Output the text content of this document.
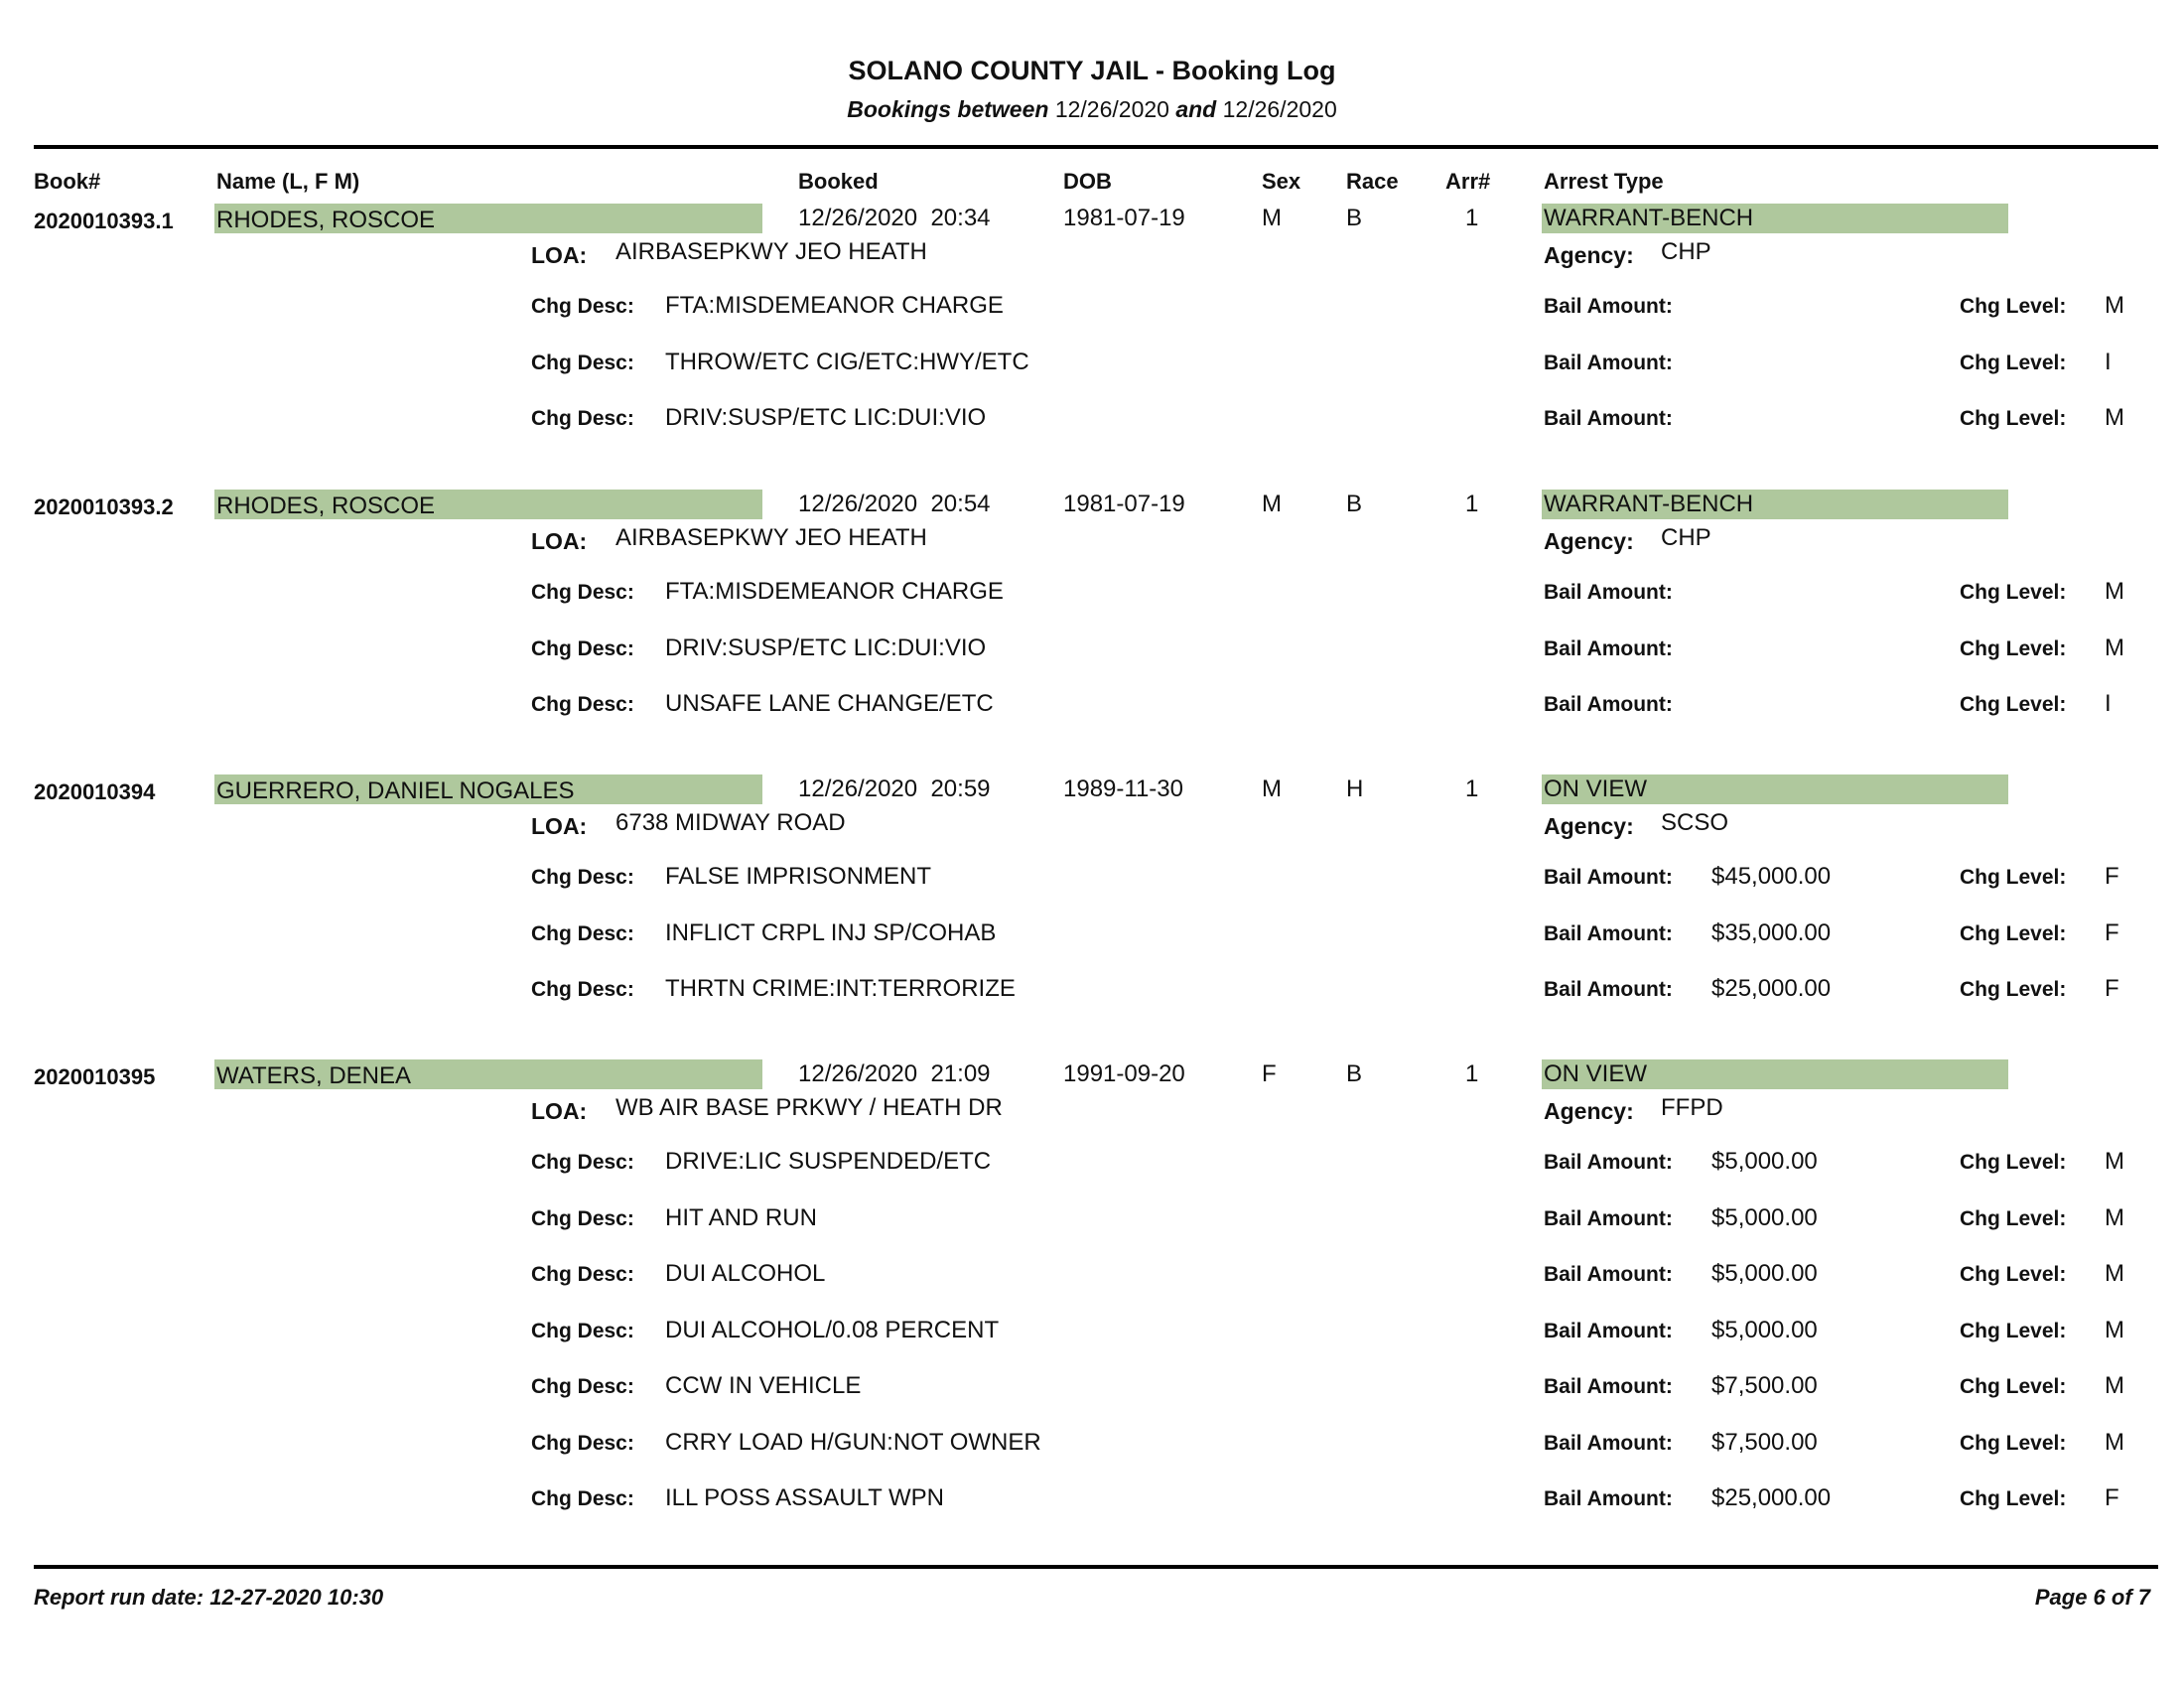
SOLANO COUNTY JAIL - Booking Log
Bookings between 12/26/2020 and 12/26/2020
Book#	Name (L, F M)	Booked	DOB	Sex Race Arr# Arrest Type
2020010393.1 RHODES, ROSCOE	12/26/2020  20:34	1981-07-19	M	B	1	WARRANT-BENCH
LOA: AIRBASEPKWY JEO HEATH	Agency: CHP
Chg Desc: FTA:MISDEMEANOR CHARGE	Bail Amount:	Chg Level: M
Chg Desc: THROW/ETC CIG/ETC:HWY/ETC	Bail Amount:	Chg Level: I
Chg Desc: DRIV:SUSP/ETC LIC:DUI:VIO	Bail Amount:	Chg Level: M
2020010393.2 RHODES, ROSCOE	12/26/2020  20:54	1981-07-19	M	B	1	WARRANT-BENCH
LOA: AIRBASEPKWY JEO HEATH	Agency: CHP
Chg Desc: FTA:MISDEMEANOR CHARGE	Bail Amount:	Chg Level: M
Chg Desc: DRIV:SUSP/ETC LIC:DUI:VIO	Bail Amount:	Chg Level: M
Chg Desc: UNSAFE LANE CHANGE/ETC	Bail Amount:	Chg Level: I
2020010394	GUERRERO, DANIEL NOGALES	12/26/2020  20:59	1989-11-30	M	H	1	ON VIEW
LOA: 6738 MIDWAY ROAD	Agency: SCSO
Chg Desc: FALSE IMPRISONMENT	Bail Amount: $45,000.00	Chg Level: F
Chg Desc: INFLICT CRPL INJ SP/COHAB	Bail Amount: $35,000.00	Chg Level: F
Chg Desc: THRTN CRIME:INT:TERRORIZE	Bail Amount: $25,000.00	Chg Level: F
2020010395	WATERS, DENEA	12/26/2020  21:09	1991-09-20	F	B	1	ON VIEW
LOA: WB AIR BASE PRKWY / HEATH DR	Agency: FFPD
Chg Desc: DRIVE:LIC SUSPENDED/ETC	Bail Amount: $5,000.00	Chg Level: M
Chg Desc: HIT AND RUN	Bail Amount: $5,000.00	Chg Level: M
Chg Desc: DUI ALCOHOL	Bail Amount: $5,000.00	Chg Level: M
Chg Desc: DUI ALCOHOL/0.08 PERCENT	Bail Amount: $5,000.00	Chg Level: M
Chg Desc: CCW IN VEHICLE	Bail Amount: $7,500.00	Chg Level: M
Chg Desc: CRRY LOAD H/GUN:NOT OWNER	Bail Amount: $7,500.00	Chg Level: M
Chg Desc: ILL POSS ASSAULT WPN	Bail Amount: $25,000.00	Chg Level: F
Report run date: 12-27-2020 10:30	Page 6 of 7
